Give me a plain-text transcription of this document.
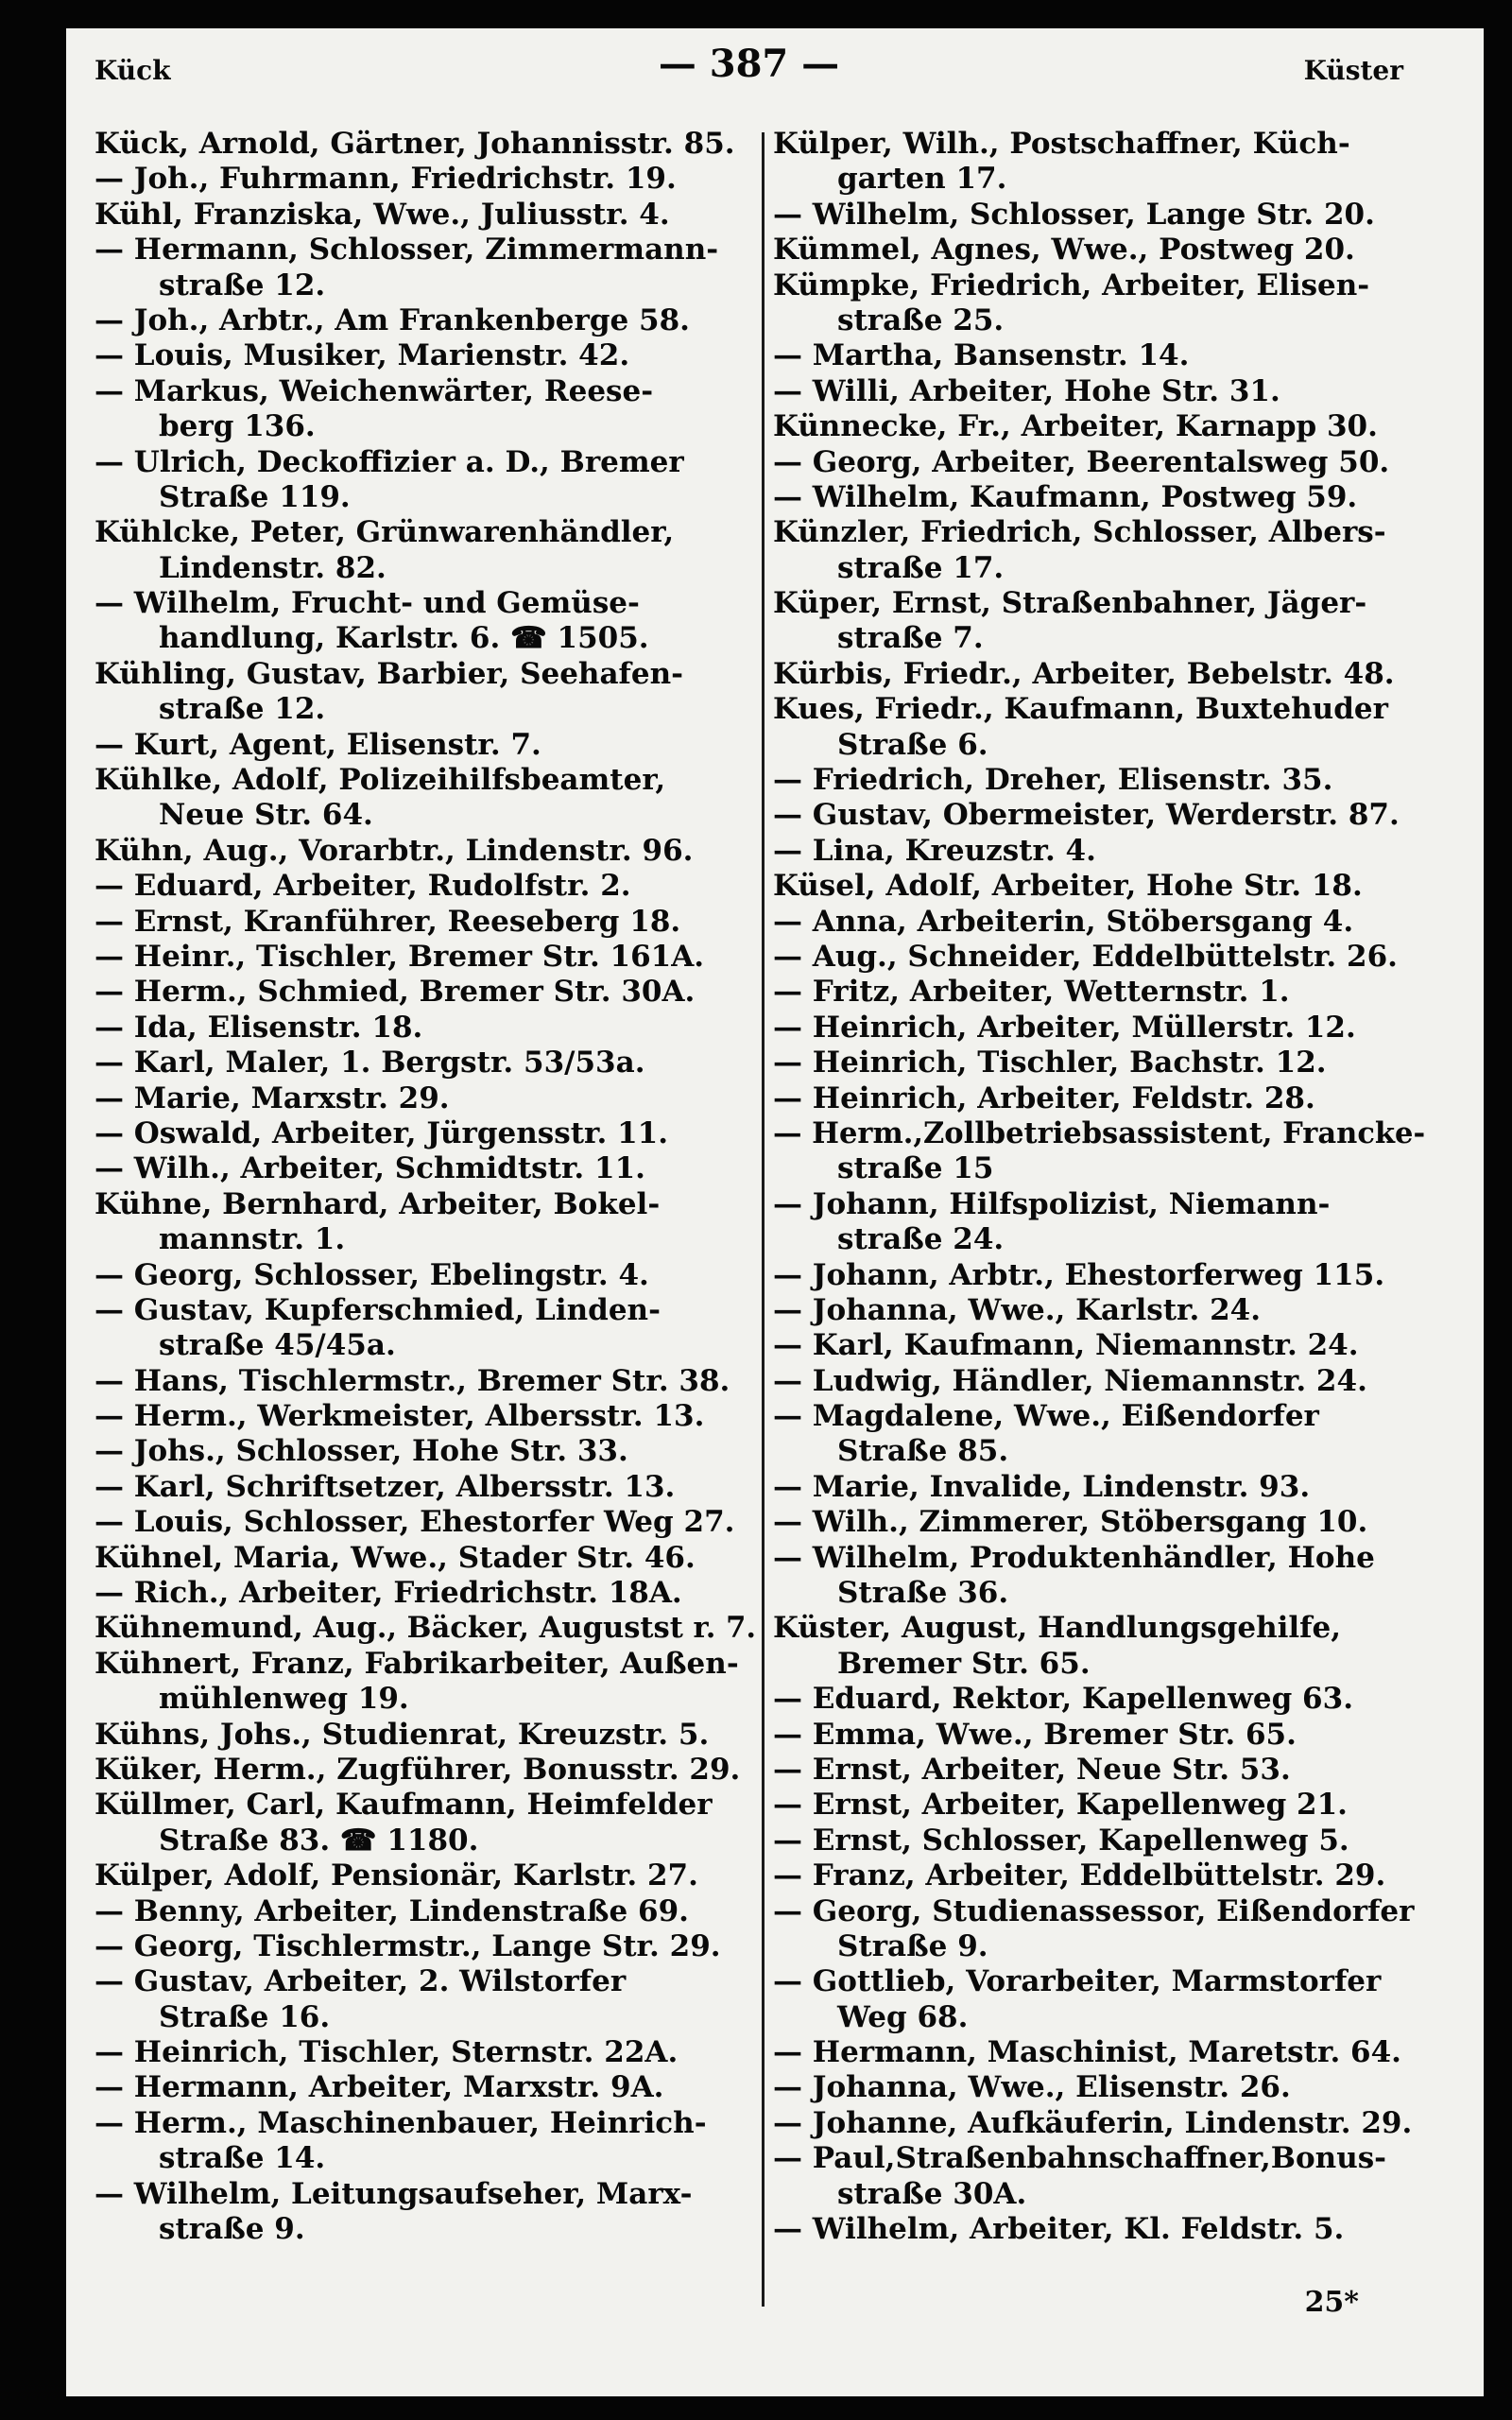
Kück	— 387 —	Küster
Kück, Arnold, Gärtner, Johannisstr. 85.
— Joh., Fuhrmann, Friedrichstr. 19.
Kühl, Franziska, Wwe., Juliusstr. 4.
— Hermann, Schlosser, Zimmermann-
straße 12.
— Joh., Arbtr., Am Frankenberge 58.
— Louis, Musiker, Marienstr. 42.
— Markus, Weichenwärter, Reese-
berg 136.
— Ulrich, Deckoffizier a. D., Bremer
Straße 119.
Kühlcke, Peter, Grünwarenhändler,
Lindenstr. 82.
— Wilhelm, Frucht- und Gemüse-
handlung, Karlstr. 6. ☎ 1505.
Kühling, Gustav, Barbier, Seehafen-
straße 12.
— Kurt, Agent, Elisenstr. 7.
Kühlke, Adolf, Polizeihilfsbeamter,
Neue Str. 64.
Kühn, Aug., Vorarbtr., Lindenstr. 96.
— Eduard, Arbeiter, Rudolfstr. 2.
— Ernst, Kranführer, Reeseberg 18.
— Heinr., Tischler, Bremer Str. 161A.
— Herm., Schmied, Bremer Str. 30A.
— Ida, Elisenstr. 18.
— Karl, Maler, 1. Bergstr. 53/53a.
— Marie, Marxstr. 29.
— Oswald, Arbeiter, Jürgensstr. 11.
— Wilh., Arbeiter, Schmidtstr. 11.
Kühne, Bernhard, Arbeiter, Bokel-
mannstr. 1.
— Georg, Schlosser, Ebelingstr. 4.
— Gustav, Kupferschmied, Linden-
straße 45/45a.
— Hans, Tischlermstr., Bremer Str. 38.
— Herm., Werkmeister, Albersstr. 13.
— Johs., Schlosser, Hohe Str. 33.
— Karl, Schriftsetzer, Albersstr. 13.
— Louis, Schlosser, Ehestorfer Weg 27.
Kühnel, Maria, Wwe., Stader Str. 46.
— Rich., Arbeiter, Friedrichstr. 18A.
Kühnemund, Aug., Bäcker, Augustst r. 7.
Kühnert, Franz, Fabrikarbeiter, Außen-
mühlenweg 19.
Kühns, Johs., Studienrat, Kreuzstr. 5.
Küker, Herm., Zugführer, Bonusstr. 29.
Küllmer, Carl, Kaufmann, Heimfelder
Straße 83. ☎ 1180.
Külper, Adolf, Pensionär, Karlstr. 27.
— Benny, Arbeiter, Lindenstraße 69.
— Georg, Tischlermstr., Lange Str. 29.
— Gustav, Arbeiter, 2. Wilstorfer
Straße 16.
— Heinrich, Tischler, Sternstr. 22A.
— Hermann, Arbeiter, Marxstr. 9A.
— Herm., Maschinenbauer, Heinrich-
straße 14.
— Wilhelm, Leitungsaufseher, Marx-
straße 9.
Külper, Wilh., Postschaffner, Küch-
garten 17.
— Wilhelm, Schlosser, Lange Str. 20.
Kümmel, Agnes, Wwe., Postweg 20.
Kümpke, Friedrich, Arbeiter, Elisen-
straße 25.
— Martha, Bansenstr. 14.
— Willi, Arbeiter, Hohe Str. 31.
Künnecke, Fr., Arbeiter, Karnapp 30.
— Georg, Arbeiter, Beerentalsweg 50.
— Wilhelm, Kaufmann, Postweg 59.
Künzler, Friedrich, Schlosser, Albers-
straße 17.
Küper, Ernst, Straßenbahner, Jäger-
straße 7.
Kürbis, Friedr., Arbeiter, Bebelstr. 48.
Kues, Friedr., Kaufmann, Buxtehuder
Straße 6.
— Friedrich, Dreher, Elisenstr. 35.
— Gustav, Obermeister, Werderstr. 87.
— Lina, Kreuzstr. 4.
Küsel, Adolf, Arbeiter, Hohe Str. 18.
— Anna, Arbeiterin, Stöbersgang 4.
— Aug., Schneider, Eddelbüttelstr. 26.
— Fritz, Arbeiter, Wetternstr. 1.
— Heinrich, Arbeiter, Müllerstr. 12.
— Heinrich, Tischler, Bachstr. 12.
— Heinrich, Arbeiter, Feldstr. 28.
— Herm.,Zollbetriebsassistent, Francke-
straße 15
— Johann, Hilfspolizist, Niemann-
straße 24.
— Johann, Arbtr., Ehestorferweg 115.
— Johanna, Wwe., Karlstr. 24.
— Karl, Kaufmann, Niemannstr. 24.
— Ludwig, Händler, Niemannstr. 24.
— Magdalene, Wwe., Eißendorfer
Straße 85.
— Marie, Invalide, Lindenstr. 93.
— Wilh., Zimmerer, Stöbersgang 10.
— Wilhelm, Produktenhändler, Hohe
Straße 36.
Küster, August, Handlungsgehilfe,
Bremer Str. 65.
— Eduard, Rektor, Kapellenweg 63.
— Emma, Wwe., Bremer Str. 65.
— Ernst, Arbeiter, Neue Str. 53.
— Ernst, Arbeiter, Kapellenweg 21.
— Ernst, Schlosser, Kapellenweg 5.
— Franz, Arbeiter, Eddelbüttelstr. 29.
— Georg, Studienassessor, Eißendorfer
Straße 9.
— Gottlieb, Vorarbeiter, Marmstorfer
Weg 68.
— Hermann, Maschinist, Maretstr. 64.
— Johanna, Wwe., Elisenstr. 26.
— Johanne, Aufkäuferin, Lindenstr. 29.
— Paul,Straßenbahnschaffner,Bonus-
straße 30A.
— Wilhelm, Arbeiter, Kl. Feldstr. 5.
25*
